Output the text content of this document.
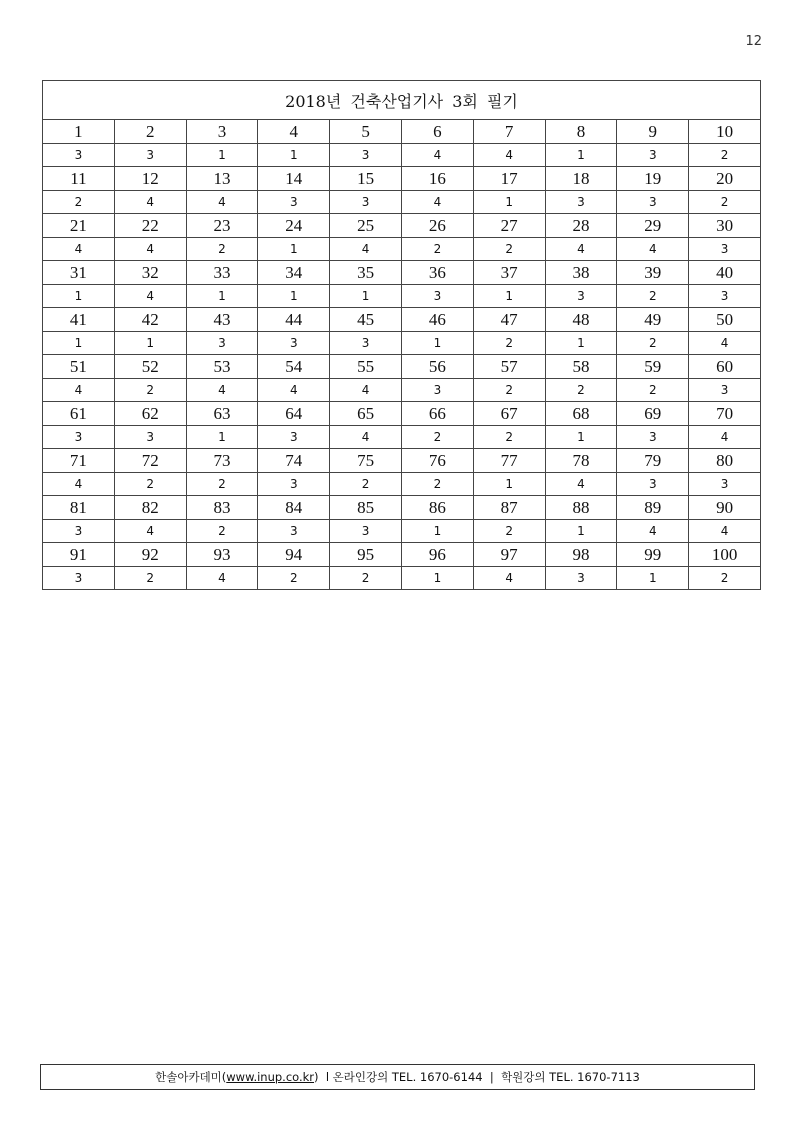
12
2018년 건축산업기사 3회 필기									
1	2	3	4	5	6	7	8	9	10
3	3	1	1	3	4	4	1	3	2
11	12	13	14	15	16	17	18	19	20
2	4	4	3	3	4	1	3	3	2
21	22	23	24	25	26	27	28	29	30
4	4	2	1	4	2	2	4	4	3
31	32	33	34	35	36	37	38	39	40
1	4	1	1	1	3	1	3	2	3
41	42	43	44	45	46	47	48	49	50
1	1	3	3	3	1	2	1	2	4
51	52	53	54	55	56	57	58	59	60
4	2	4	4	4	3	2	2	2	3
61	62	63	64	65	66	67	68	69	70
3	3	1	3	4	2	2	1	3	4
71	72	73	74	75	76	77	78	79	80
4	2	2	3	2	2	1	4	3	3
81	82	83	84	85	86	87	88	89	90
3	4	2	3	3	1	2	1	4	4
91	92	93	94	95	96	97	98	99	100
3	2	4	2	2	1	4	3	1	2
한솔아카데미( www.inup.co.kr )  l 온라인강의 TEL. 1670-6144  |  학원강의 TEL. 1670-7113
